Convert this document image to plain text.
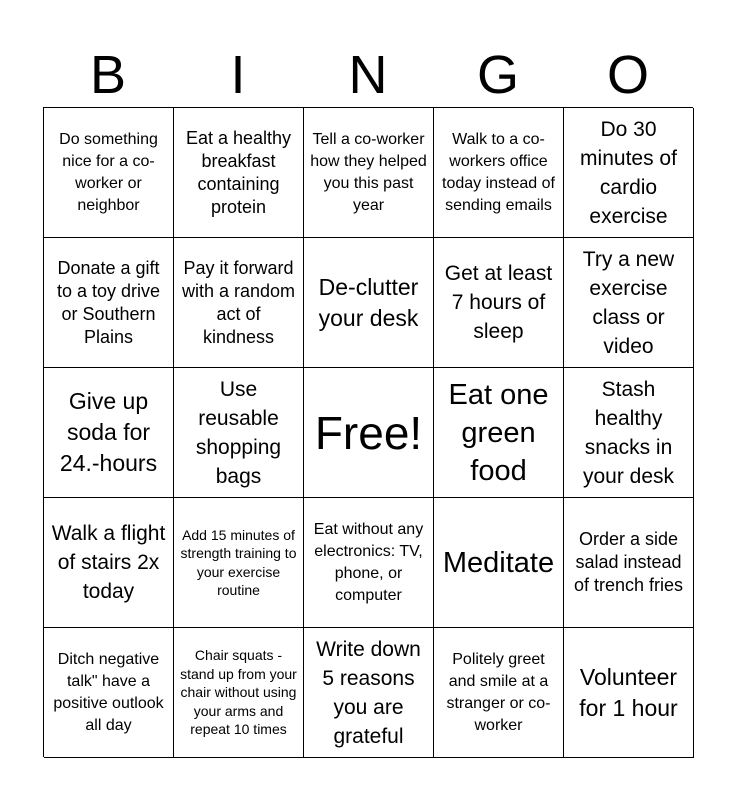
B	I	N	G	O
Do something nice for a co-worker or neighbor
Eat a healthy breakfast containing protein
Tell a co-worker how they helped you this past year
Walk to a co-workers office today instead of sending emails
Do 30 minutes of cardio exercise
Donate a gift to a toy drive or Southern Plains
Pay it forward with a random act of kindness
De-clutter your desk
Get at least 7 hours of sleep
Try a new exercise class or video
Give up soda for 24.-hours
Use reusable shopping bags
Free!
Eat one green food
Stash healthy snacks in your desk
Walk a flight of stairs 2x today
Add 15 minutes of strength training to your exercise routine
Eat without any electronics: TV, phone, or computer
Meditate
Order a side salad instead of trench fries
Ditch negative talk" have a positive outlook all day
Chair squats - stand up from your chair without using your arms and repeat 10 times
Write down 5 reasons you are grateful
Politely greet and smile at a stranger or co-worker
Volunteer for 1 hour
